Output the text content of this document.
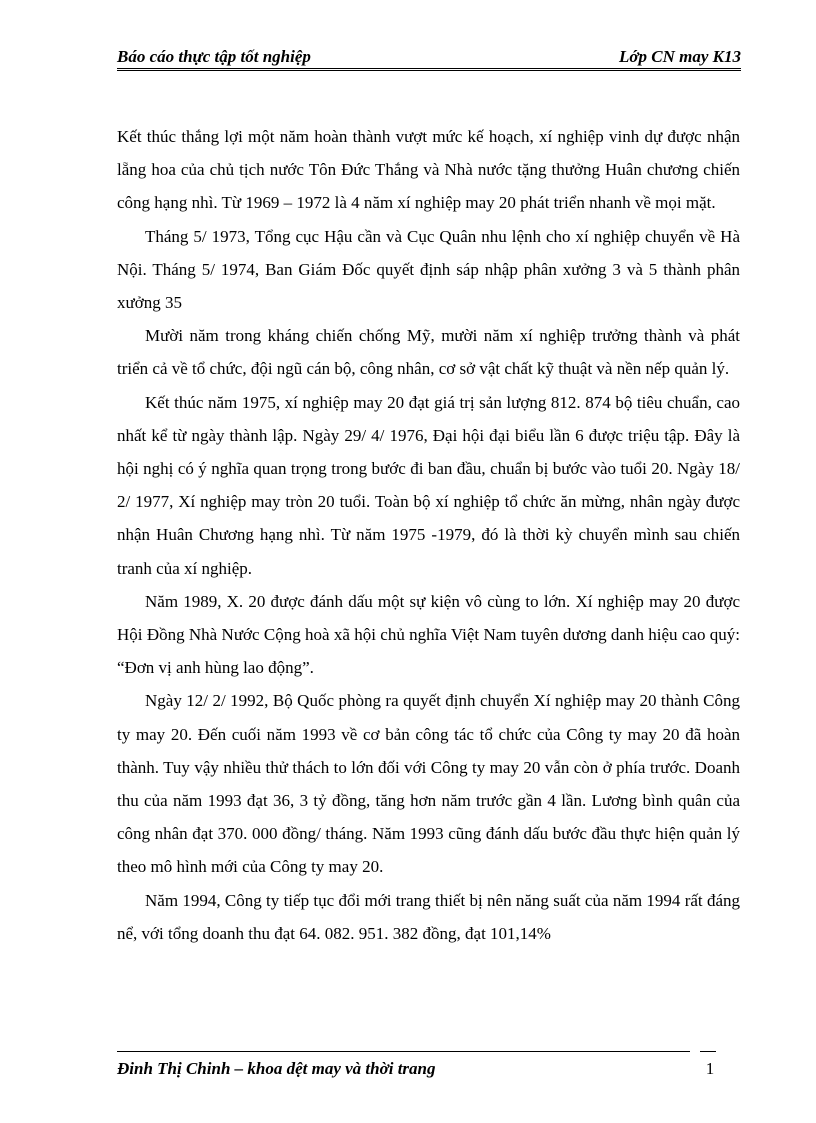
Báo cáo thực tập tốt nghiệp	Lớp CN may K13

Kết thúc thắng lợi một năm hoàn thành vượt mức kế hoạch, xí nghiệp vinh dự được nhận lẵng hoa của chủ tịch nước Tôn Đức Thắng và Nhà nước tặng thưởng Huân chương chiến công hạng nhì. Từ 1969 – 1972 là 4 năm xí nghiệp may 20 phát triển nhanh về mọi mặt.

Tháng 5/ 1973, Tổng cục Hậu cần và Cục Quân nhu lệnh cho xí nghiệp chuyển về Hà Nội. Tháng 5/ 1974, Ban Giám Đốc quyết định sáp nhập phân xưởng 3 và 5 thành phân xưởng 35

Mười năm trong kháng chiến chống Mỹ, mười năm xí nghiệp trưởng thành và phát triển cả về tổ chức, đội ngũ cán bộ, công nhân, cơ sở vật chất kỹ thuật và nền nếp quản lý.

Kết thúc năm 1975, xí nghiệp may 20 đạt giá trị sản lượng 812. 874 bộ tiêu chuẩn, cao nhất kể từ ngày thành lập. Ngày 29/ 4/ 1976, Đại hội đại biểu lần 6 được triệu tập. Đây là hội nghị có ý nghĩa quan trọng trong bước đi ban đầu, chuẩn bị bước vào tuổi 20. Ngày 18/ 2/ 1977, Xí nghiệp may tròn 20 tuổi. Toàn bộ xí nghiệp tổ chức ăn mừng, nhân ngày được nhận Huân Chương hạng nhì. Từ năm 1975 -1979, đó là thời kỳ chuyển mình sau chiến tranh của xí nghiệp.

Năm 1989, X. 20 được đánh dấu một sự kiện vô cùng to lớn. Xí nghiệp may 20 được Hội Đồng Nhà Nước Cộng hoà xã hội chủ nghĩa Việt Nam tuyên dương danh hiệu cao quý: “Đơn vị anh hùng lao động”.

Ngày 12/ 2/ 1992, Bộ Quốc phòng ra quyết định chuyển Xí nghiệp may 20 thành Công ty may 20. Đến cuối năm 1993 về cơ bản công tác tổ chức của Công ty may 20 đã hoàn thành. Tuy vậy nhiều thử thách to lớn đối với Công ty may 20 vẫn còn ở phía trước. Doanh thu của năm 1993 đạt 36, 3 tỷ đồng, tăng hơn năm trước gần 4 lần. Lương bình quân của công nhân đạt 370. 000 đồng/ tháng. Năm 1993 cũng đánh dấu bước đầu thực hiện quản lý theo mô hình mới của Công ty may 20.

Năm 1994, Công ty tiếp tục đổi mới trang thiết bị nên năng suất của năm 1994 rất đáng nể, với tổng doanh thu đạt 64. 082. 951. 382 đồng, đạt 101,14%

Đinh Thị Chinh – khoa dệt may và thời trang	1
